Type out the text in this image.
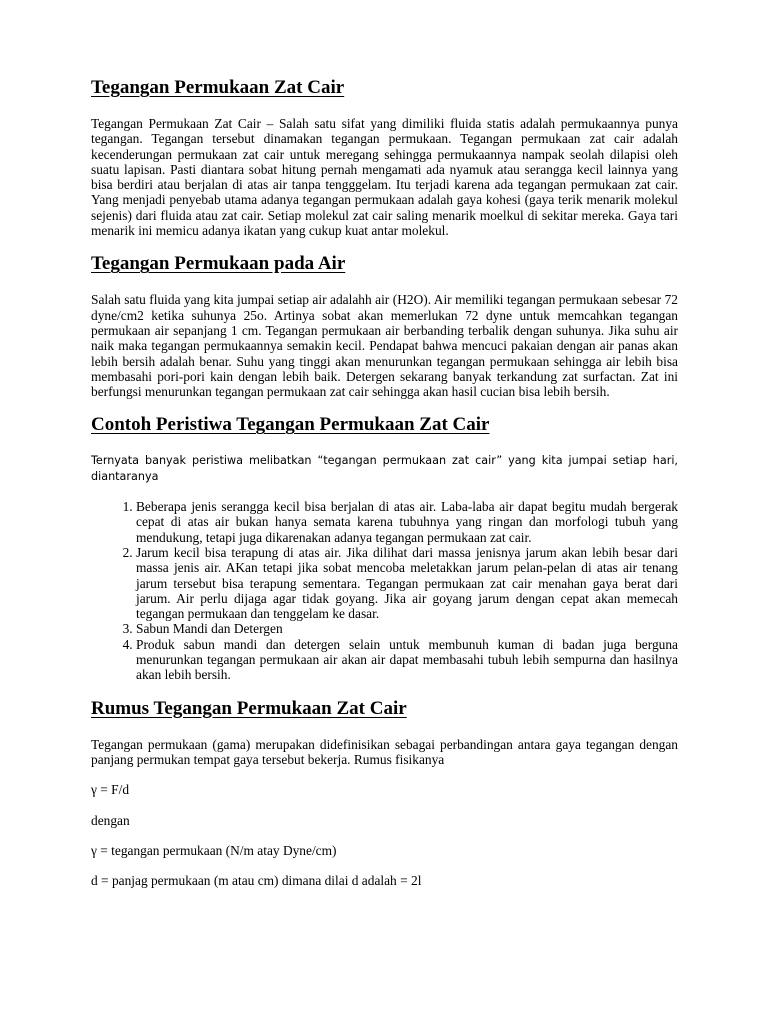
Tegangan Permukaan Zat Cair

Tegangan Permukaan Zat Cair – Salah satu sifat yang dimiliki fluida statis adalah permukaannya punya tegangan. Tegangan tersebut dinamakan tegangan permukaan. Tegangan permukaan zat cair adalah kecenderungan permukaan zat cair untuk meregang sehingga permukaannya nampak seolah dilapisi oleh suatu lapisan. Pasti diantara sobat hitung pernah mengamati ada nyamuk atau serangga kecil lainnya yang bisa berdiri atau berjalan di atas air tanpa tengggelam. Itu terjadi karena ada tegangan permukaan zat cair. Yang menjadi penyebab utama adanya tegangan permukaan adalah gaya kohesi (gaya terik menarik molekul sejenis) dari fluida atau zat cair. Setiap molekul zat cair saling menarik moelkul di sekitar mereka. Gaya tari menarik ini memicu adanya ikatan yang cukup kuat antar molekul.

Tegangan Permukaan pada Air

Salah satu fluida yang kita jumpai setiap air adalahh air (H2O). Air memiliki tegangan permukaan sebesar 72 dyne/cm2 ketika suhunya 25o. Artinya sobat akan memerlukan 72 dyne untuk memcahkan tegangan permukaan air sepanjang 1 cm. Tegangan permukaan air berbanding terbalik dengan suhunya. Jika suhu air naik maka tegangan permukaannya semakin kecil. Pendapat bahwa mencuci pakaian dengan air panas akan lebih bersih adalah benar. Suhu yang tinggi akan menurunkan tegangan permukaan sehingga air lebih bisa membasahi pori-pori kain dengan lebih baik. Detergen sekarang banyak terkandung zat surfactan. Zat ini berfungsi menurunkan tegangan permukaan zat cair sehingga akan hasil cucian bisa lebih bersih.

Contoh Peristiwa Tegangan Permukaan Zat Cair

Ternyata banyak peristiwa melibatkan “tegangan permukaan zat cair” yang kita jumpai setiap hari, diantaranya

1. Beberapa jenis serangga kecil bisa berjalan di atas air. Laba-laba air dapat begitu mudah bergerak cepat di atas air bukan hanya semata karena tubuhnya yang ringan dan morfologi tubuh yang mendukung, tetapi juga dikarenakan adanya tegangan permukaan zat cair.
2. Jarum kecil bisa terapung di atas air. Jika dilihat dari massa jenisnya jarum akan lebih besar dari massa jenis air. AKan tetapi jika sobat mencoba meletakkan jarum pelan-pelan di atas air tenang jarum tersebut bisa terapung sementara. Tegangan permukaan zat cair menahan gaya berat dari jarum. Air perlu dijaga agar tidak goyang. Jika air goyang jarum dengan cepat akan memecah tegangan permukaan dan tenggelam ke dasar.
3. Sabun Mandi dan Detergen
4. Produk sabun mandi dan detergen selain untuk membunuh kuman di badan juga berguna menurunkan tegangan permukaan air akan air dapat membasahi tubuh lebih sempurna dan hasilnya akan lebih bersih.
Rumus Tegangan Permukaan Zat Cair

Tegangan permukaan (gama) merupakan didefinisikan sebagai perbandingan antara gaya tegangan dengan panjang permukan tempat gaya tersebut bekerja. Rumus fisikanya

γ = F/d

dengan

γ = tegangan permukaan (N/m atay Dyne/cm)

d = panjag permukaan (m atau cm) dimana dilai d adalah = 2l
